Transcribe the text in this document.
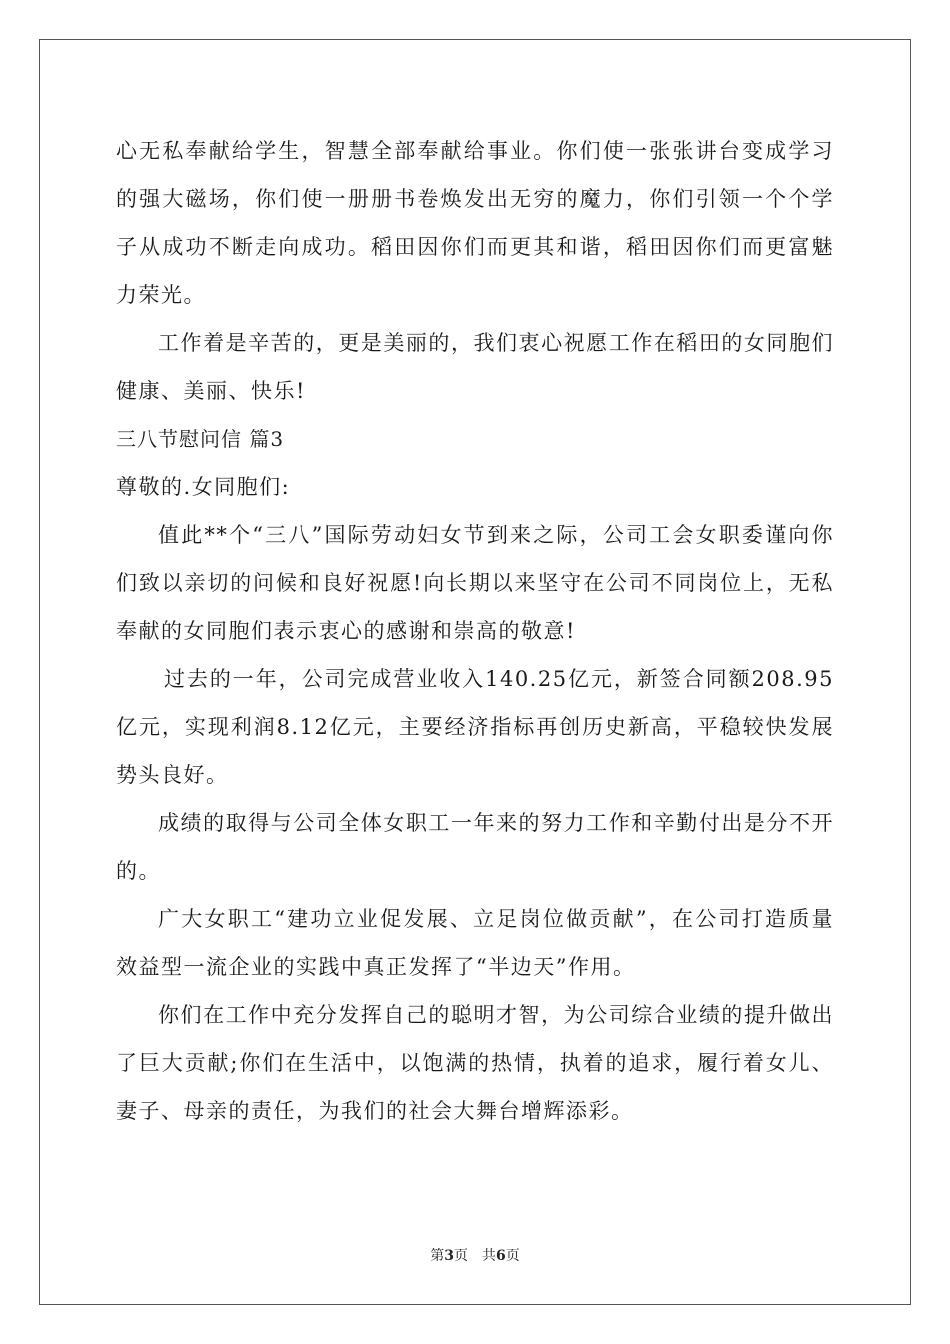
心无私奉献给学生，智慧全部奉献给事业。你们使一张张讲台变成学习的强大磁场，你们使一册册书卷焕发出无穷的魔力，你们引领一个个学子从成功不断走向成功。稻田因你们而更其和谐，稻田因你们而更富魅力荣光。

工作着是辛苦的，更是美丽的，我们衷心祝愿工作在稻田的女同胞们健康、美丽、快乐!

三八节慰问信 篇3

尊敬的.女同胞们:

值此**个“三八”国际劳动妇女节到来之际，公司工会女职委谨向你们致以亲切的问候和良好祝愿!向长期以来坚守在公司不同岗位上，无私奉献的女同胞们表示衷心的感谢和崇高的敬意!

过去的一年，公司完成营业收入140.25亿元，新签合同额208.95亿元，实现利润8.12亿元，主要经济指标再创历史新高，平稳较快发展势头良好。

成绩的取得与公司全体女职工一年来的努力工作和辛勤付出是分不开的。

广大女职工“建功立业促发展、立足岗位做贡献”，在公司打造质量效益型一流企业的实践中真正发挥了“半边天”作用。

你们在工作中充分发挥自己的聪明才智，为公司综合业绩的提升做出了巨大贡献;你们在生活中，以饱满的热情，执着的追求，履行着女儿、妻子、母亲的责任，为我们的社会大舞台增辉添彩。

第3页 共6页
